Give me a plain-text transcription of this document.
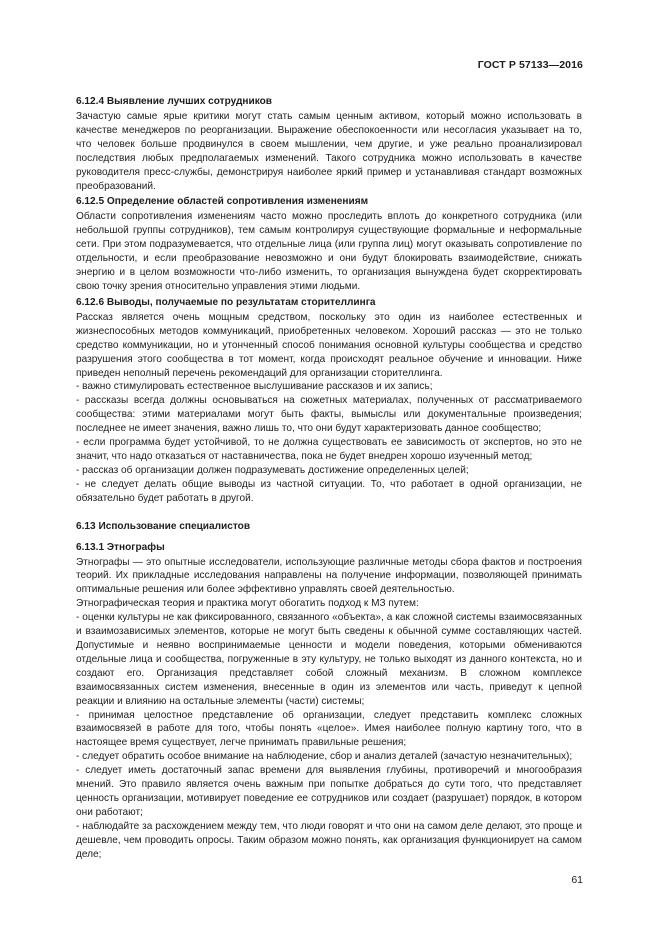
ГОСТ Р 57133—2016
6.12.4 Выявление лучших сотрудников

Зачастую самые ярые критики могут стать самым ценным активом, который можно использовать в качестве менеджеров по реорганизации. Выражение обеспокоенности или несогласия указывает на то, что человек больше продвинулся в своем мышлении, чем другие, и уже реально проанализировал последствия любых предполагаемых изменений. Такого сотрудника можно использовать в качестве руководителя пресс-службы, демонстрируя наиболее яркий пример и устанавливая стандарт возможных преобразований.

6.12.5 Определение областей сопротивления изменениям

Области сопротивления изменениям часто можно проследить вплоть до конкретного сотрудника (или небольшой группы сотрудников), тем самым контролируя существующие формальные и неформальные сети. При этом подразумевается, что отдельные лица (или группа лиц) могут оказывать сопротивление по отдельности, и если преобразование невозможно и они будут блокировать взаимодействие, снижать энергию и в целом возможности что-либо изменить, то организация вынуждена будет скорректировать свою точку зрения относительно управления этими людьми.

6.12.6 Выводы, получаемые по результатам сторителлинга

Рассказ является очень мощным средством, поскольку это один из наиболее естественных и жизнеспособных методов коммуникаций, приобретенных человеком. Хороший рассказ — это не только средство коммуникации, но и утонченный способ понимания основной культуры сообщества и средство разрушения этого сообщества в тот момент, когда происходят реальное обучение и инновации. Ниже приведен неполный перечень рекомендаций для организации сторителлинга.

- важно стимулировать естественное выслушивание рассказов и их запись;

- рассказы всегда должны основываться на сюжетных материалах, полученных от рассматриваемого сообщества: этими материалами могут быть факты, вымыслы или документальные произведения; последнее не имеет значения, важно лишь то, что они будут характеризовать данное сообщество;

- если программа будет устойчивой, то не должна существовать ее зависимость от экспертов, но это не значит, что надо отказаться от наставничества, пока не будет внедрен хорошо изученный метод;

- рассказ об организации должен подразумевать достижение определенных целей;

- не следует делать общие выводы из частной ситуации. То, что работает в одной организации, не обязательно будет работать в другой.

6.13 Использование специалистов
6.13.1 Этнографы

Этнографы — это опытные исследователи, использующие различные методы сбора фактов и построения теорий. Их прикладные исследования направлены на получение информации, позволяющей принимать оптимальные решения или более эффективно управлять своей деятельностью.

Этнографическая теория и практика могут обогатить подход к МЗ путем:

- оценки культуры не как фиксированного, связанного «объекта», а как сложной системы взаимосвязанных и взаимозависимых элементов, которые не могут быть сведены к обычной сумме составляющих частей. Допустимые и неявно воспринимаемые ценности и модели поведения, которыми обмениваются отдельные лица и сообщества, погруженные в эту культуру, не только выходят из данного контекста, но и создают его. Организация представляет собой сложный механизм. В сложном комплексе взаимосвязанных систем изменения, внесенные в один из элементов или часть, приведут к цепной реакции и влиянию на остальные элементы (части) системы;

- принимая целостное представление об организации, следует представить комплекс сложных взаимосвязей в работе для того, чтобы понять «целое». Имея наиболее полную картину того, что в настоящее время существует, легче принимать правильные решения;

- следует обратить особое внимание на наблюдение, сбор и анализ деталей (зачастую незначительных);

- следует иметь достаточный запас времени для выявления глубины, противоречий и многообразия мнений. Это правило является очень важным при попытке добраться до сути того, что представляет ценность организации, мотивирует поведение ее сотрудников или создает (разрушает) порядок, в котором они работают;

- наблюдайте за расхождением между тем, что люди говорят и что они на самом деле делают, это проще и дешевле, чем проводить опросы. Таким образом можно понять, как организация функционирует на самом деле;

61
